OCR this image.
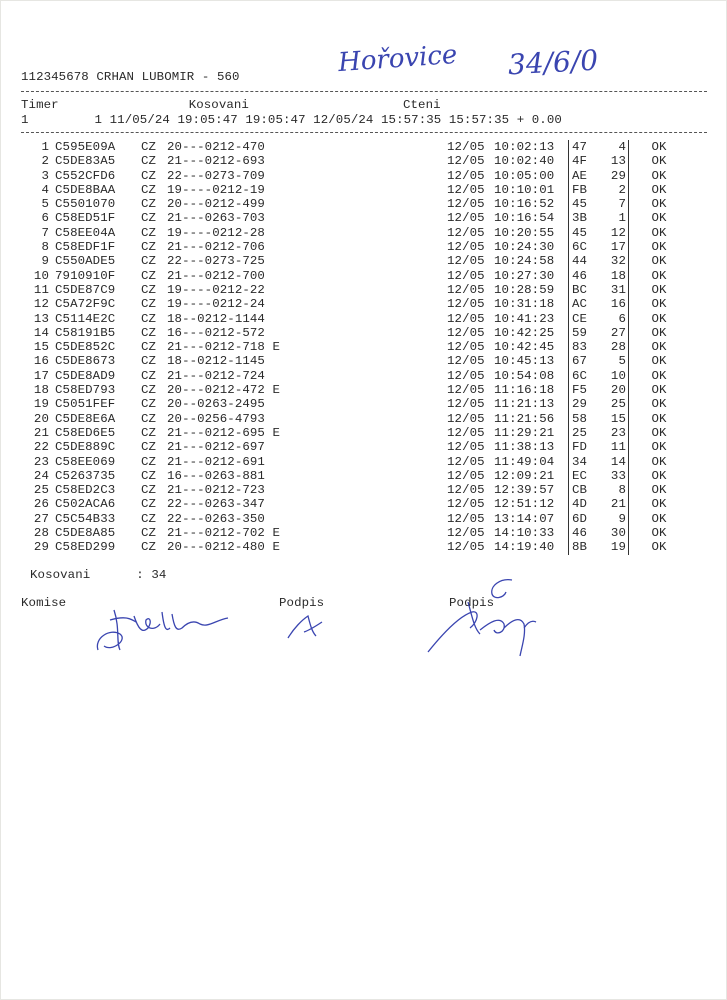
112345678 CRHAN LUBOMIR - 560	Hořovice 34/6/0
Timer	Kosovani	Cteni
1	1 11/05/24 19:05:47 19:05:47 12/05/24 15:57:35 15:57:35 + 0.00
1	C595E09A	CZ	20---0212-470	12/05	10:02:13	47	4	OK
2	C5DE83A5	CZ	21---0212-693	12/05	10:02:40	4F	13	OK
3	C552CFD6	CZ	22---0273-709	12/05	10:05:00	AE	29	OK
4	C5DE8BAA	CZ	19----0212-19	12/05	10:10:01	FB	2	OK
5	C5501070	CZ	20---0212-499	12/05	10:16:52	45	7	OK
6	C58ED51F	CZ	21---0263-703	12/05	10:16:54	3B	1	OK
7	C58EE04A	CZ	19----0212-28	12/05	10:20:55	45	12	OK
8	C58EDF1F	CZ	21---0212-706	12/05	10:24:30	6C	17	OK
9	C550ADE5	CZ	22---0273-725	12/05	10:24:58	44	32	OK
10	7910910F	CZ	21---0212-700	12/05	10:27:30	46	18	OK
11	C5DE87C9	CZ	19----0212-22	12/05	10:28:59	BC	31	OK
12	C5A72F9C	CZ	19----0212-24	12/05	10:31:18	AC	16	OK
13	C5114E2C	CZ	18--0212-1144	12/05	10:41:23	CE	6	OK
14	C58191B5	CZ	16---0212-572	12/05	10:42:25	59	27	OK
15	C5DE852C	CZ	21---0212-718 E	12/05	10:42:45	83	28	OK
16	C5DE8673	CZ	18--0212-1145	12/05	10:45:13	67	5	OK
17	C5DE8AD9	CZ	21---0212-724	12/05	10:54:08	6C	10	OK
18	C58ED793	CZ	20---0212-472 E	12/05	11:16:18	F5	20	OK
19	C5051FEF	CZ	20--0263-2495	12/05	11:21:13	29	25	OK
20	C5DE8E6A	CZ	20--0256-4793	12/05	11:21:56	58	15	OK
21	C58ED6E5	CZ	21---0212-695 E	12/05	11:29:21	25	23	OK
22	C5DE889C	CZ	21---0212-697	12/05	11:38:13	FD	11	OK
23	C58EE069	CZ	21---0212-691	12/05	11:49:04	34	14	OK
24	C5263735	CZ	16---0263-881	12/05	12:09:21	EC	33	OK
25	C58ED2C3	CZ	21---0212-723	12/05	12:39:57	CB	8	OK
26	C502ACA6	CZ	22---0263-347	12/05	12:51:12	4D	21	OK
27	C5C54B33	CZ	22---0263-350	12/05	13:14:07	6D	9	OK
28	C5DE8A85	CZ	21---0212-702 E	12/05	14:10:33	46	30	OK
29	C58ED299	CZ	20---0212-480 E	12/05	14:19:40	8B	19	OK
Kosovani	: 34
Komise	Podpis	Podpis
